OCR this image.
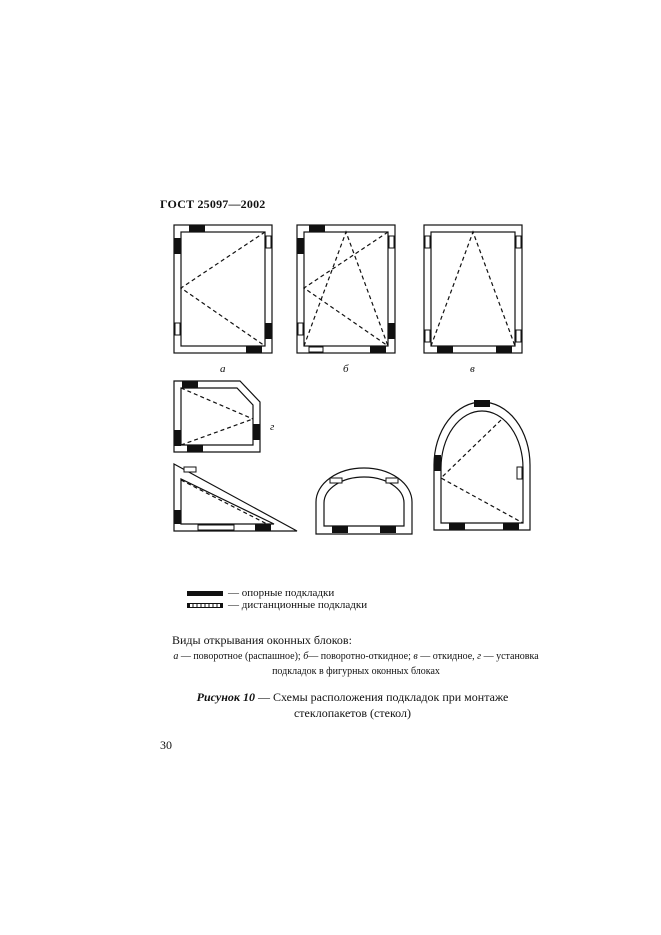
ГОСТ 25097—2002
а	б	в
г
—
опорные подкладки
—
дистанционные подкладки
Виды открывания оконных блоков:
а — поворотное (распашное); б— поворотно-откидное; в — откидное, г — установка подкладок в фигурных оконных блоках
Рисунок 10 — Схемы расположения подкладок при монтаже стеклопакетов (стекол)
30
